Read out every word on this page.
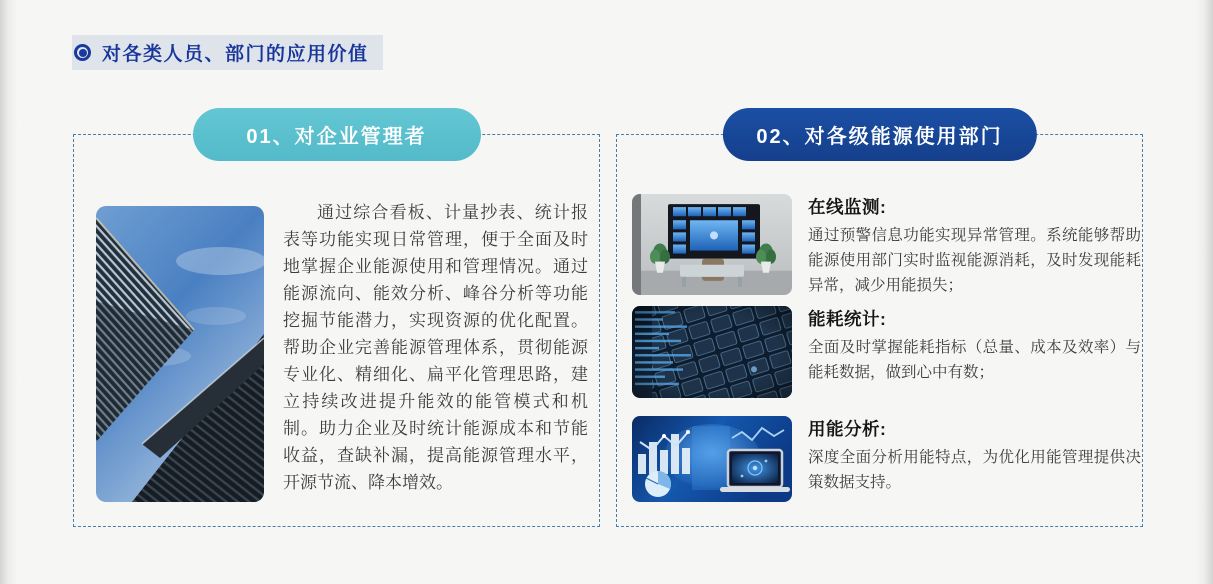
对各类人员、部门的应用价值
01、对企业管理者

通过综合看板、计量抄表、统计报表等功能实现日常管理，便于全面及时地掌握企业能源使用和管理情况。通过能源流向、能效分析、峰谷分析等功能挖掘节能潜力，实现资源的优化配置。帮助企业完善能源管理体系，贯彻能源专业化、精细化、扁平化管理思路，建立持续改进提升能效的能管模式和机制。助力企业及时统计能源成本和节能收益，查缺补漏，提高能源管理水平，开源节流、降本增效。

02、对各级能源使用部门
在线监测:

通过预警信息功能实现异常管理。系统能够帮助能源使用部门实时监视能源消耗，及时发现能耗异常，减少用能损失；

能耗统计:

全面及时掌握能耗指标（总量、成本及效率）与能耗数据，做到心中有数；

用能分析:

深度全面分析用能特点，为优化用能管理提供决策数据支持。
